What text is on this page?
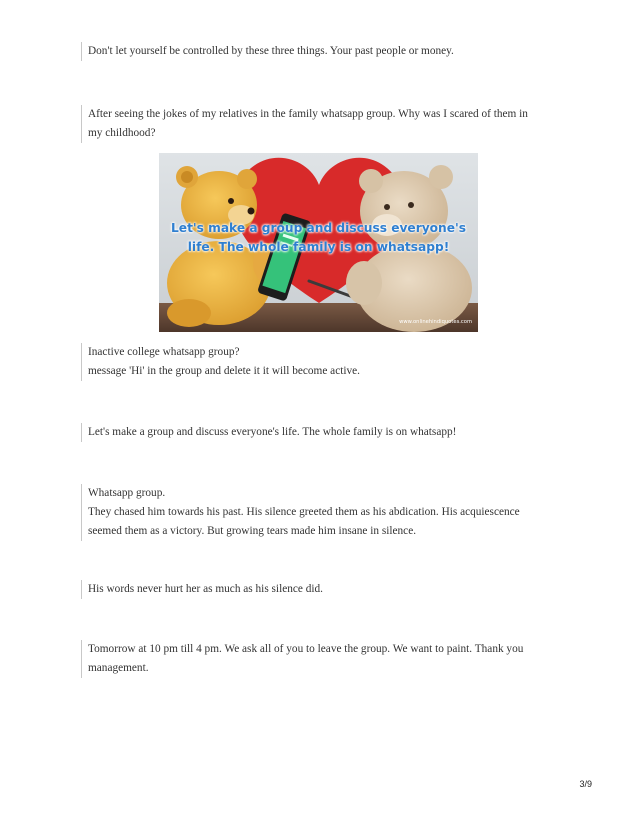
Don't let yourself be controlled by these three things. Your past people or money.
After seeing the jokes of my relatives in the family whatsapp group. Why was I scared of them in
my childhood?
Let's make a group and discuss everyone's
life. The whole family is on whatsapp!
www.onlinehindiquotes.com
Inactive college whatsapp group?
message 'Hi' in the group and delete it it will become active.
Let's make a group and discuss everyone's life. The whole family is on whatsapp!
Whatsapp group.
They chased him towards his past. His silence greeted them as his abdication. His acquiescence
seemed them as a victory. But growing tears made him insane in silence.
His words never hurt her as much as his silence did.
Tomorrow at 10 pm till 4 pm. We ask all of you to leave the group. We want to paint. Thank you
management.
3/9
